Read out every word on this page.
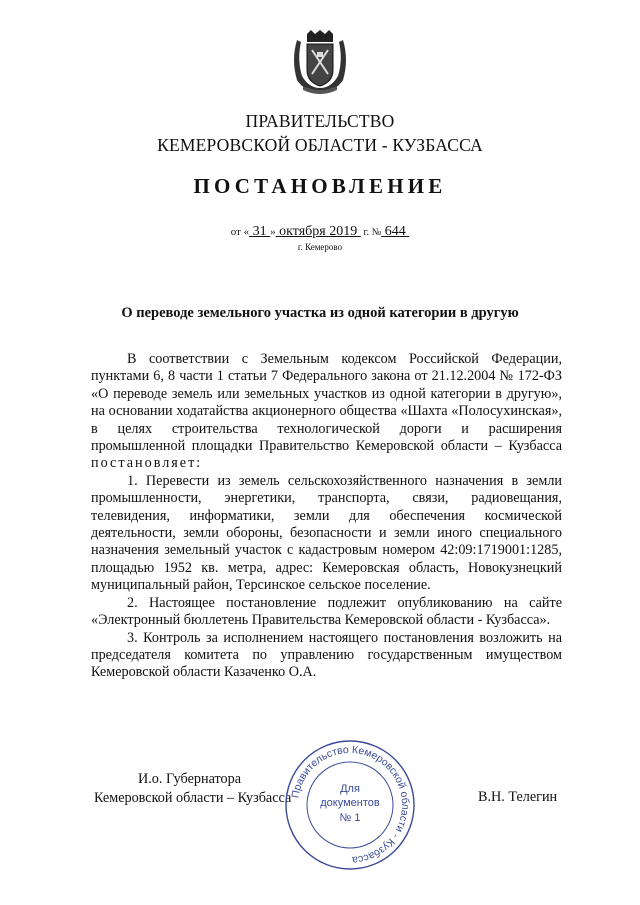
ПРАВИТЕЛЬСТВО
КЕМЕРОВСКОЙ ОБЛАСТИ - КУЗБАССА
ПОСТАНОВЛЕНИЕ
от « 31 » октября 2019 г. № 644
г. Кемерово
О переводе земельного участка из одной категории в другую

В соответствии с Земельным кодексом Российской Федерации, пунктами 6, 8 части 1 статьи 7 Федерального закона от 21.12.2004 № 172-ФЗ «О переводе земель или земельных участков из одной категории в другую», на основании ходатайства акционерного общества «Шахта «Полосухинская», в целях строительства технологической дороги и расширения промышленной площадки Правительство Кемеровской области – Кузбасса постановляет:

1. Перевести из земель сельскохозяйственного назначения в земли промышленности, энергетики, транспорта, связи, радиовещания, телевидения, информатики, земли для обеспечения космической деятельности, земли обороны, безопасности и земли иного специального назначения земельный участок с кадастровым номером 42:09:1719001:1285, площадью 1952 кв. метра, адрес: Кемеровская область, Новокузнецкий муниципальный район, Терсинское сельское поселение.

2. Настоящее постановление подлежит опубликованию на сайте «Электронный бюллетень Правительства Кемеровской области - Кузбасса».

3. Контроль за исполнением настоящего постановления возложить на председателя комитета по управлению государственным имуществом Кемеровской области Казаченко О.А.

И.о. Губернатора
Кемеровской области – Кузбасса	В.Н. Телегин
Правительство Кемеровской области - Кузбасса
Для
документов
№ 1
